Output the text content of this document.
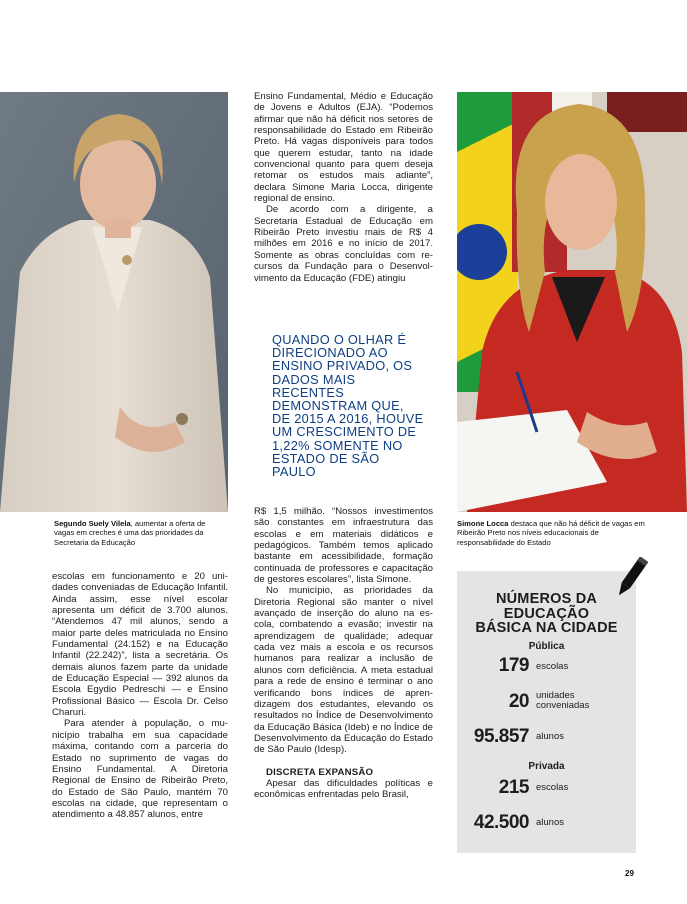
Segundo Suely Vilela, aumentar a oferta de vagas em creches é uma das prioridades da Secretaria da Educação
Simone Locca destaca que não há déficit de vagas em Ribeirão Preto nos níveis educacionais de responsabilidade do Estado

escolas em funcionamento e 20 unidades conveniadas de Educação Infantil. Ainda assim, esse nível escolar apresenta um déficit de 3.700 alunos. “Atendemos 47 mil alunos, sendo a maior parte deles matriculada no Ensino Fundamental (24.152) e na Educação Infantil (22.242)”, lista a secretária. Os demais alunos fazem parte da unidade de Educação Especial — 392 alunos da Escola Egydio Pedreschi — e Ensino Profissional Básico — Escola Dr. Celso Charuri.

Para atender à população, o município trabalha em sua capacidade máxima, contando com a parceria do Estado no suprimento de vagas do Ensino Fundamental. A Diretoria Regional de Ensino de Ribeirão Preto, do Estado de São Paulo, mantém 70 escolas na cidade, que representam o atendimento a 48.857 alunos, entre

Ensino Fundamental, Médio e Educação de Jovens e Adultos (EJA). “Podemos afirmar que não há déficit nos setores de responsabilidade do Estado em Ribeirão Preto. Há vagas disponíveis para todos que querem estudar, tanto na idade convencional quanto para quem deseja retomar os estudos mais adiante”, declara Simone Maria Locca, dirigente regional de ensino.

De acordo com a dirigente, a Secretaria Estadual de Educação em Ribeirão Preto investiu mais de R$ 4 milhões em 2016 e no início de 2017. Somente as obras concluídas com recursos da Fundação para o Desenvolvimento da Educação (FDE) atingiu

QUANDO O OLHAR É DIRECIONADO AO ENSINO PRIVADO, OS DADOS MAIS RECENTES DEMONSTRAM QUE, DE 2015 A 2016, HOUVE UM CRESCIMENTO DE 1,22% SOMENTE NO ESTADO DE SÃO PAULO

R$ 1,5 milhão. “Nossos investimentos são constantes em infraestrutura das escolas e em materiais didáticos e pedagógicos. Também temos aplicado bastante em acessibilidade, formação continuada de professores e capacitação de gestores escolares”, lista Simone.

No município, as prioridades da Diretoria Regional são manter o nível avançado de inserção do aluno na escola, combatendo a evasão; investir na aprendizagem de qualidade; adequar cada vez mais a escola e os recursos humanos para realizar a inclusão de alunos com deficiência. A meta estadual para a rede de ensino é terminar o ano verificando bons índices de aprendizagem dos estudantes, elevando os resultados no Índice de Desenvolvimento da Educação Básica (Ideb) e no Índice de Desenvolvimento da Educação do Estado de São Paulo (Idesp).

DISCRETA EXPANSÃO

Apesar das dificuldades políticas e econômicas enfrentadas pelo Brasil,

NÚMEROS DA
EDUCAÇÃO
BÁSICA NA CIDADE
Pública
179 escolas
20 unidades conveniadas
95.857 alunos
Privada
215 escolas
42.500 alunos
29
